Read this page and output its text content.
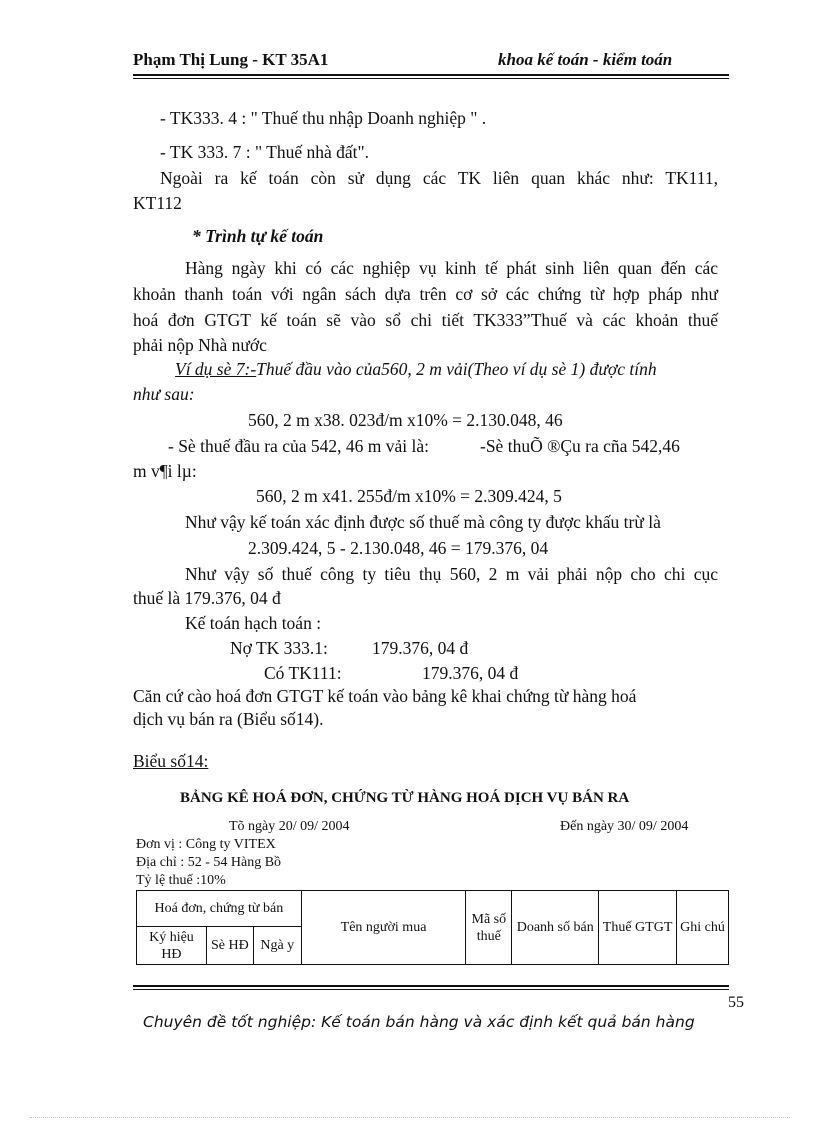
Phạm Thị Lung - KT 35A1	khoa kế toán - kiểm toán
- TK333. 4 : " Thuế thu nhập Doanh nghiệp " .
- TK 333. 7 : " Thuế nhà đất".
Ngoài ra kế toán còn sử dụng các TK liên quan khác như: TK111,
KT112
* Trình tự kế toán
Hàng ngày khi có các nghiệp vụ kinh tế phát sinh liên quan đến các
khoản thanh toán với ngân sách dựa trên cơ sở các chứng từ hợp pháp như
hoá đơn GTGT kế toán sẽ vào sổ chi tiết TK333”Thuế và các khoản thuế
phải nộp Nhà nước
Ví dụ sè 7:-Thuế đầu vào của560, 2 m vải(Theo ví dụ sè 1) được tính
như sau:
560, 2 m x38. 023đ/m x10% = 2.130.048, 46
- Sè thuế đầu ra của 542, 46 m vải là:	-Sè thuÕ ®Çu ra cña 542,46
m v¶i lµ:
560, 2 m x41. 255đ/m x10% = 2.309.424, 5
Như vậy kế toán xác định được số thuế mà công ty được khấu trừ là
2.309.424, 5 - 2.130.048, 46 = 179.376, 04
Như vậy số thuế công ty tiêu thụ 560, 2 m vải phải nộp cho chi cục
thuế là 179.376, 04 đ
Kế toán hạch toán :
Nợ TK 333.1:	179.376, 04 đ
Có TK111:	179.376, 04 đ
Căn cứ cào hoá đơn GTGT kế toán vào bảng kê khai chứng từ hàng hoá
dịch vụ bán ra (Biểu số14).
Biểu số14:
BẢNG KÊ HOÁ ĐƠN, CHỨNG TỪ HÀNG HOÁ DỊCH VỤ BÁN RA
Tõ ngày 20/ 09/ 2004	Đến ngày 30/ 09/ 2004
Đơn vị : Công ty VITEX
Địa chỉ : 52 - 54 Hàng Bồ
Tỷ lệ thuế :10%
Hoá đơn, chứng từ bán			Tên người mua	Mã số thuế	Doanh số bán	Thuế GTGT	Ghi chú
Ký hiệu HĐ	Sè HĐ	Ngà y					
55
Chuyên đề tốt nghiệp: Kế toán bán hàng và xác định kết quả bán hàng
